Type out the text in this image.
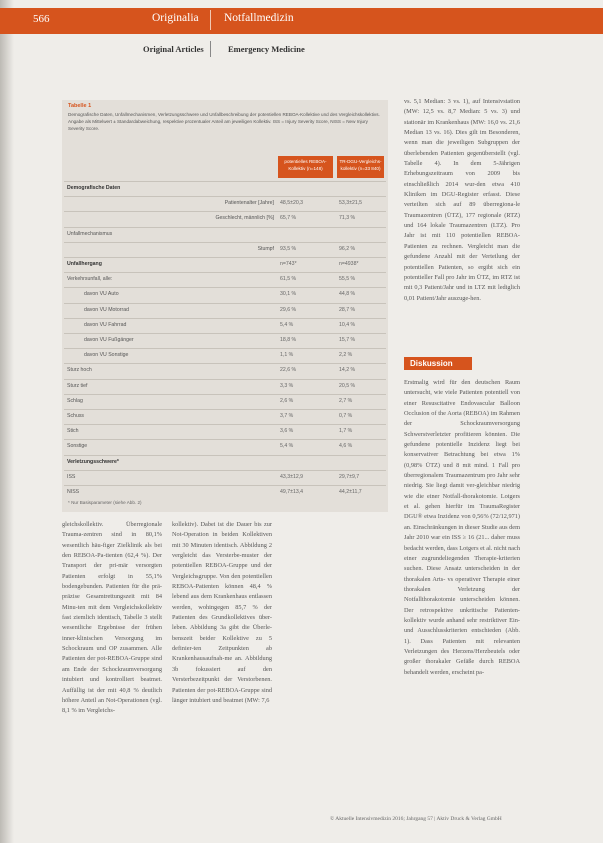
566	Originalia Notfallmedizin
Original Articles	Emergency Medicine
Tabelle 1
Demografische Daten, Unfallmechanismen, Verletzungsschwere und Unfallbeschreibung der potentiellen REBOA-Kollektive und des Vergleichskollektivs. Angabe als Mittelwert ± Standardabweichung, respektive prozentualer Anteil am jeweiligen Kollektiv. ISS = Injury Severity Score, NISS = New Injury Severity Score.
potentielles REBOA-Kollektiv (n=148)
TR-DGU-Vergleichs-kollektiv (n=33 840)
Demografische Daten
Patientenalter [Jahre]	48,5±20,3	53,3±21,5
Geschlecht, männlich [%]	65,7 %	71,3 %
Unfallmechanismus
Stumpf	93,5 %	96,2 %
Unfallhergang	n=743*	n=4938*
Verkehrsunfall, alle:	61,5 %	55,5 %
davon VU Auto	30,1 %	44,8 %
davon VU Motorrad	29,6 %	28,7 %
davon VU Fahrrad	5,4 %	10,4 %
davon VU Fußgänger	18,8 %	15,7 %
davon VU Sonstige	1,1 %	2,2 %
Sturz hoch	22,6 %	14,2 %
Sturz tief	3,3 %	20,5 %
Schlag	2,6 %	2,7 %
Schuss	3,7 %	0,7 %
Stich	3,6 %	1,7 %
Sonstige	5,4 %	4,6 %
Verletzungsschwere*
ISS	43,3±12,9	29,7±9,7
NISS	49,7±13,4	44,2±11,7
* Nur Basisparameter (siehe Abb. 2)

gleichskollektiv. Überregionale Trauma-zentren sind in 80,1% wesentlich häu-figer Zielklinik als bei den REBOA-Pa-tienten (62,4 %). Der Transport der pri-mär versorgten Patienten erfolgt in 55,1% bodengebunden. Patienten für die prä-präzise Gesamtrettungszeit mit 84 Minu-ten mit dem Vergleichskollektiv fast ziemlich identisch, Tabelle 3 stellt wesentliche Ergebnisse der frühen inner-klinischen Versorgung im Schockraum und OP zusammen. Alle Patienten der pot-REBOA-Gruppe sind am Ende der Schockraumversorgung intubiert und kontrolliert beatmet. Auffällig ist der mit 40,8 % deutlich höhere Anteil an Not-Operationen (vgl. 8,1 % im Vergleichs-

kollektiv). Dabei ist die Dauer bis zur Not-Operation in beiden Kollektiven mit 30 Minuten identisch. Abbildung 2 vergleicht das Versterbe-muster der potentiellen REBOA-Gruppe und der Vergleichsgruppe. Von den potentiellen REBOA-Patienten können 48,4 % lebend aus dem Krankenhaus entlassen werden, wohingegen 85,7 % der Patienten des Grundkollektives über-leben. Abbildung 3a gibt die Überle-benszeit beider Kollektive zu 5 definier-ten Zeitpunkten ab Krankenhausaufnah-me an. Abbildung 3b fokussiert auf den Versterbezeitpunkt der Verstorbenen. Patienten der pot-REBOA-Gruppe sind länger intubiert und beatmet (MW: 7,6

vs. 5,1 Median: 3 vs. 1), auf Intensivstation (MW: 12,5 vs. 8,7 Median: 5 vs. 3) und stationär im Krankenhaus (MW: 16,0 vs. 21,6 Median 13 vs. 16). Dies gilt im Besonderen, wenn man die jeweiligen Subgruppen der überlebenden Patienten gegenüberstellt (vgl. Tabelle 4). In dem 5-Jährigen Erhebungszeitraum von 2009 bis einschließlich 2014 wur-den etwa 410 Kliniken im DGU-Register erfasst. Diese verteilten sich auf 89 überregiona-le Traumazentren (ÜTZ), 177 regionale (RTZ) und 164 lokale Traumazentren (LTZ). Pro Jahr ist mit 110 potentiellen REBOA-Patienten zu rechnen. Vergleicht man die gefundene Anzahl mit der Verteilung der potentiellen Patienten, so ergibt sich ein potentieller Fall pro Jahr im ÜTZ, im RTZ ist mit 0,3 Patient/Jahr und in LTZ mit lediglich 0,01 Patient/Jahr auszuge-hen.

Diskussion

Erstmalig wird für den deutschen Raum untersucht, wie viele Patienten potentiell von einer Resuscitative Endovascular Balloon Occlusion of the Aorta (REBOA) im Rahmen der Schockraumversorgung Schwerstverletzter profitieren könnten. Die gefundene potentielle Inzidenz liegt bei konservativer Betrachtung bei etwa 1% (0,98% ÜTZ) und 8 mit mind. 1 Fall pro überregionalem Traumazentrum pro Jahr sehr niedrig. Sie liegt damit ver-gleichbar niedrig wie die einer Notfall-thorakotomie. Lotgers et al. gehen hierfür im TraumaRegister DGU® etwa Inzidenz von 0,56% (72/12,971) an. Einschränkungen in dieser Studie aus dem Jahr 2010 war ein ISS ≥ 16 (21... daher muss bedacht werden, dass Lotgers et al. nicht nach einer zugrundeliegenden Therapie-kriterien suchen. Diese Ansatz unterscheiden in der thorakalen Arts- vs operativer Therapie einer thorakalen Verletzung der Notfallthorakotomie unterscheiden können. Der retrospektive unkritische Patienten-kollektiv wurde anhand sehr restriktiver Ein- und Ausschlusskriterien entschieden (Abb. 1). Dass Patienten mit relevanten Verletzungen des Herzens/Herzbeutels oder großer thorakaler Gefäße durch REBOA behandelt werden, erscheint pa-

© Aktuelle Intensivmedizin 2016; Jahrgang 57 | Aktiv Druck & Verlag GmbH
